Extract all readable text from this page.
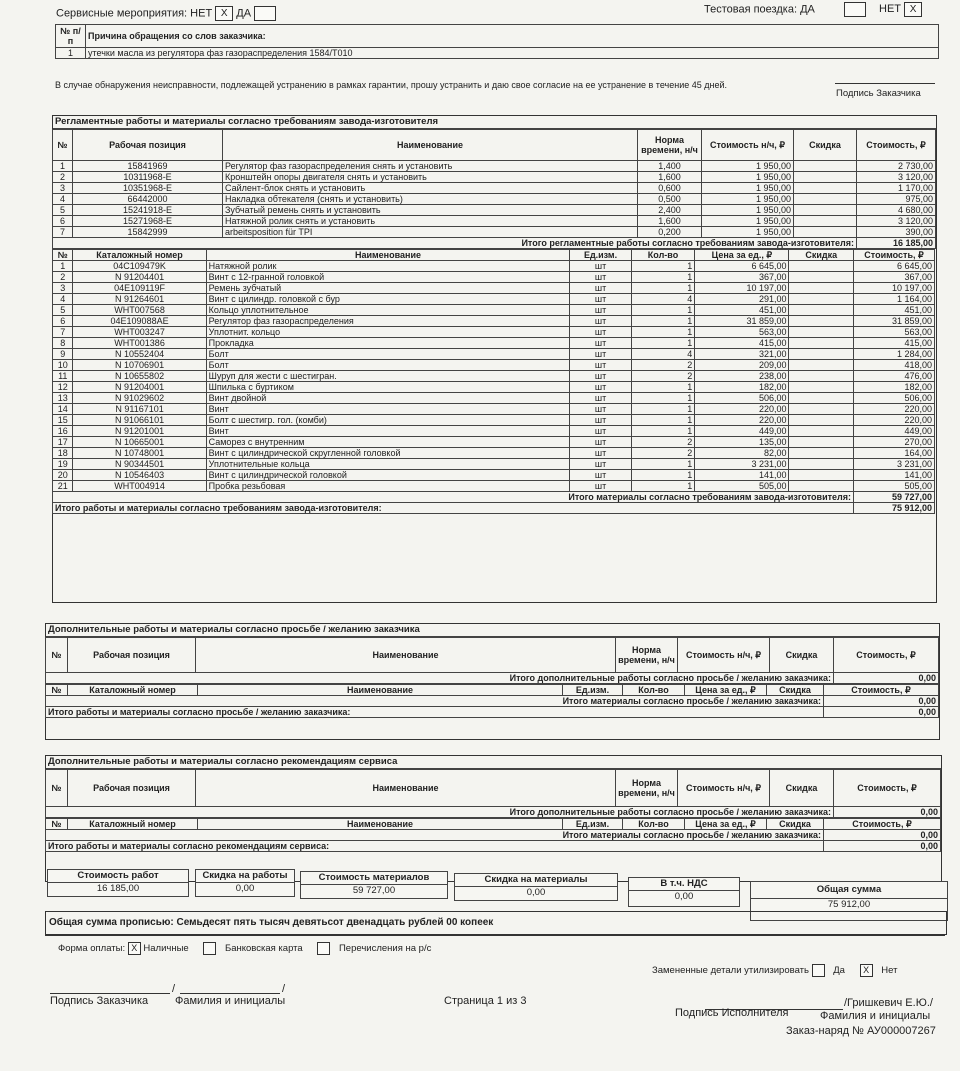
Сервисные мероприятия: НЕТ X ДА	Тестовая поездка: ДА	НЕТ X
№ п/п	Причина обращения со слов заказчика:
1	утечки масла из регулятора фаз газораспределения 1584/T010
В случае обнаружения неисправности, подлежащей устранению в рамках гарантии, прошу устранить и даю свое согласие на ее устранение в течение 45 дней.
Подпись Заказчика
Регламентные работы и материалы согласно требованиям завода-изготовителя
№	Рабочая позиция	Наименование	Норма времени, н/ч	Стоимость н/ч, ₽	Скидка	Стоимость, ₽
1	15841969	Регулятор фаз газораспределения снять и установить	1,400	1 950,00		2 730,00
2	10311968-E	Кронштейн опоры двигателя снять и установить	1,600	1 950,00		3 120,00
3	10351968-E	Сайлент-блок снять и установить	0,600	1 950,00		1 170,00
4	66442000	Накладка обтекателя (снять и установить)	0,500	1 950,00		975,00
5	15241918-E	Зубчатый ремень снять и установить	2,400	1 950,00		4 680,00
6	15271968-E	Натяжной ролик снять и установить	1,600	1 950,00		3 120,00
7	15842999	arbeitsposition für TPI	0,200	1 950,00		390,00
Итого регламентные работы согласно требованиям завода-изготовителя:						16 185,00
№	Каталожный номер	Наименование	Ед.изм.	Кол-во	Цена за ед., ₽	Скидка	Стоимость, ₽
1	04C109479K	Натяжной ролик	шт	1	6 645,00		6 645,00
2	N 91204401	Винт с 12-гранной головкой	шт	1	367,00		367,00
3	04E109119F	Ремень зубчатый	шт	1	10 197,00		10 197,00
4	N 91264601	Винт с цилиндр. головкой с бур	шт	4	291,00		1 164,00
5	WHT007568	Кольцо уплотнительное	шт	1	451,00		451,00
6	04E109088AE	Регулятор фаз газораспределения	шт	1	31 859,00		31 859,00
7	WHT003247	Уплотнит. кольцо	шт	1	563,00		563,00
8	WHT001386	Прокладка	шт	1	415,00		415,00
9	N 10552404	Болт	шт	4	321,00		1 284,00
10	N 10706901	Болт	шт	2	209,00		418,00
11	N 10655802	Шуруп для жести с шестигран.	шт	2	238,00		476,00
12	N 91204001	Шпилька с буртиком	шт	1	182,00		182,00
13	N 91029602	Винт двойной	шт	1	506,00		506,00
14	N 91167101	Винт	шт	1	220,00		220,00
15	N 91066101	Болт с шестигр. гол. (комби)	шт	1	220,00		220,00
16	N 91201001	Винт	шт	1	449,00		449,00
17	N 10665001	Саморез с внутренним	шт	2	135,00		270,00
18	N 10748001	Винт с цилиндрической скругленной головкой	шт	2	82,00		164,00
19	N 90344501	Уплотнительные кольца	шт	1	3 231,00		3 231,00
20	N 10546403	Винт с цилиндрической головкой	шт	1	141,00		141,00
21	WHT004914	Пробка резьбовая	шт	1	505,00		505,00
Итого материалы согласно требованиям завода-изготовителя:							59 727,00
Итого работы и материалы согласно требованиям завода-изготовителя:							75 912,00
Дополнительные работы и материалы согласно просьбе / желанию заказчика
№	Рабочая позиция	Наименование	Норма времени, н/ч	Стоимость н/ч, ₽	Скидка	Стоимость, ₽
Итого дополнительные работы согласно просьбе / желанию заказчика:						0,00
№	Каталожный номер	Наименование	Ед.изм.	Кол-во	Цена за ед., ₽	Скидка	Стоимость, ₽
Итого материалы согласно просьбе / желанию заказчика:							0,00
Итого работы и материалы согласно просьбе / желанию заказчика:							0,00
Дополнительные работы и материалы согласно рекомендациям сервиса
№	Рабочая позиция	Наименование	Норма времени, н/ч	Стоимость н/ч, ₽	Скидка	Стоимость, ₽
Итого дополнительные работы согласно просьбе / желанию заказчика:						0,00
№	Каталожный номер	Наименование	Ед.изм.	Кол-во	Цена за ед., ₽	Скидка	Стоимость, ₽
Итого материалы согласно просьбе / желанию заказчика:							0,00
Итого работы и материалы согласно рекомендациям сервиса:							0,00
Стоимость работ
16 185,00
Скидка на работы
0,00
Стоимость материалов
59 727,00
Скидка на материалы
0,00
В т.ч. НДС
0,00
Общая сумма
75 912,00
Общая сумма прописью: Семьдесят пять тысяч девятьсот двенадцать рублей 00 копеек
Форма оплаты: X Наличные	Банковская карта	Перечисления на р/с
Замененные детали утилизировать	Да X Нет
/	/
Подпись Заказчика Фамилия и инициалы	Страница 1 из 3	/Гришкевич Е.Ю./
Подпись Исполнителя	Фамилия и инициалы
Заказ-наряд № АУ000007267
